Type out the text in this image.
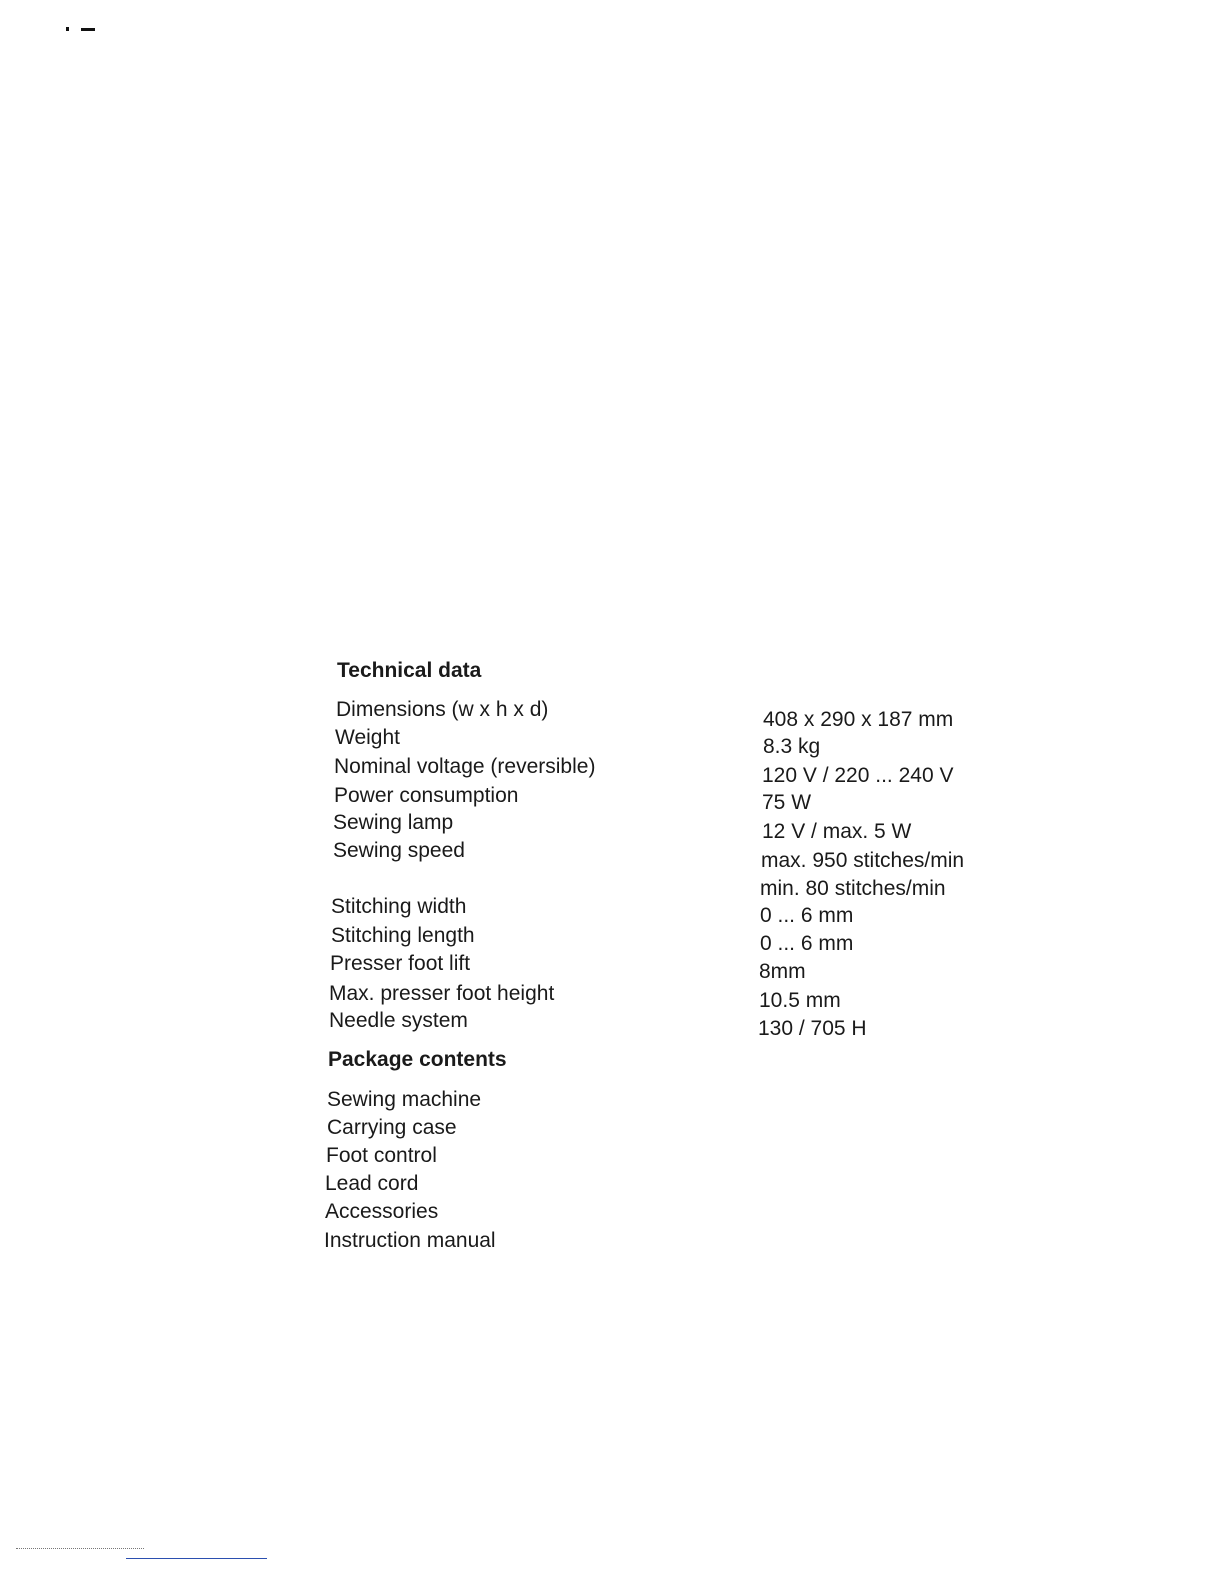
Technical data
Dimensions (w x h x d)
Weight
Nominal voltage (reversible)
Power consumption
Sewing lamp
Sewing speed
Stitching width
Stitching length
Presser foot lift
Max. presser foot height
Needle system
408 x 290 x 187 mm
8.3 kg
120 V / 220 ... 240 V
75 W
12 V / max. 5 W
max. 950 stitches/min
min. 80 stitches/min
0 ... 6 mm
0 ... 6 mm
8mm
10.5 mm
130 / 705 H
Package contents
Sewing machine
Carrying case
Foot control
Lead cord
Accessories
Instruction manual
